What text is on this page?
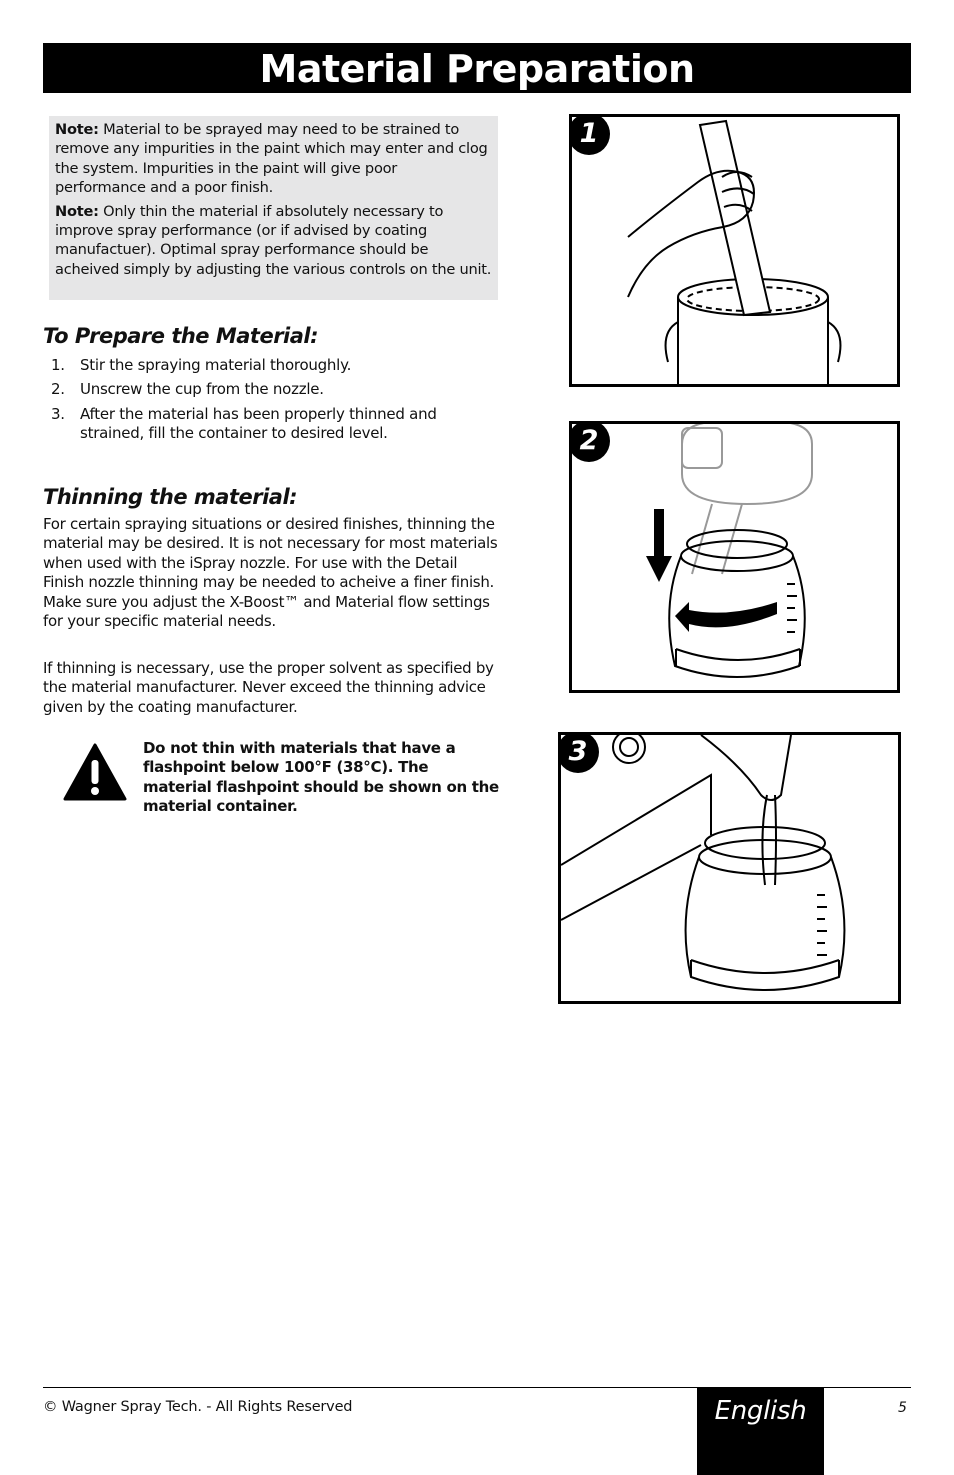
Material Preparation

Note: Material to be sprayed may need to be strained to remove any impurities in the paint which may enter and clog the system. Impurities in the paint will give poor performance and a poor finish.

Note: Only thin the material if absolutely necessary to improve spray performance (or if advised by coating manufactuer). Optimal spray performance should be acheived simply by adjusting the various controls on the unit.

To Prepare the Material:
1. Stir the spraying material thoroughly.
2. Unscrew the cup from the nozzle.
3. After the material has been properly thinned and strained, fill the container to desired level.
Thinning the material:

For certain spraying situations or desired finishes, thinning the material may be desired. It is not necessary for most materials when used with the iSpray nozzle. For use with the Detail Finish nozzle thinning may be needed to acheive a finer finish. Make sure you adjust the X-Boost™ and Material flow settings for your specific material needs.

If thinning is necessary, use the proper solvent as specified by the material manufacturer. Never exceed the thinning advice given by the coating manufacturer.

Do not thin with materials that have a flashpoint below 100°F (38°C). The material flashpoint should be shown on the material container.
1
2
3
© Wagner Spray Tech. - All Rights Reserved	English	5
